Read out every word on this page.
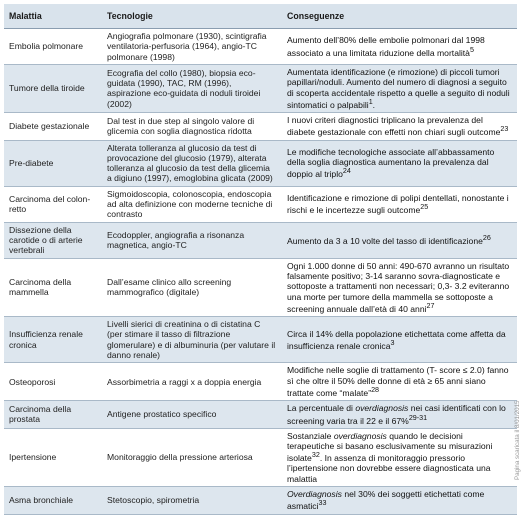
Malattia	Tecnologie	Conseguenze
Embolia polmonare	Angiografia polmonare (1930), scintigrafia ventilatoria-perfusoria (1964), angio-TC polmonare (1998)	Aumento dell’80% delle embolie polmonari dal 1998 associato a una limitata riduzione della mortalità$^5$
Tumore della tiroide	Ecografia del collo (1980), biopsia eco-guidata (1990), TAC, RM (1996), aspirazione eco-guidata di noduli tiroidei (2002)	Aumentata identificazione (e rimozione) di piccoli tumori papillari/noduli. Aumento del numero di diagnosi a seguito di scoperta accidentale rispetto a quelle a seguito di noduli sintomatici o palpabili$^1$.
Diabete gestazionale	Dal test in due step al singolo valore di glicemia con soglia diagnostica ridotta	I nuovi criteri diagnostici triplicano la prevalenza del diabete gestazionale con effetti non chiari sugli outcome$^{23}$
Pre-diabete	Alterata tolleranza al glucosio da test di provocazione del glucosio (1979), alterata tolleranza al glucosio da test della glicemia a digiuno (1997), emoglobina glicata (2009)	Le modifiche tecnologiche associate all’abbassamento della soglia diagnostica aumentano la prevalenza dal doppio al triplo$^{24}$
Carcinoma del colon-retto	Sigmoidoscopia, colonoscopia, endoscopia ad alta definizione con moderne tecniche di contrasto	Identificazione e rimozione di polipi dentellati, nonostante i rischi e le incertezze sugli outcome$^{25}$
Dissezione della carotide o di arterie vertebrali	Ecodoppler, angiografia a risonanza magnetica, angio-TC	Aumento da 3 a 10 volte del tasso di identificazione$^{26}$
Carcinoma della mammella	Dall’esame clinico allo screening mammografico (digitale)	Ogni 1.000 donne di 50 anni: 490-670 avranno un risultato falsamente positivo; 3-14 saranno sovra-diagnosticate e sottoposte a trattamenti non necessari; 0,3- 3.2 eviteranno una morte per tumore della mammella se sottoposte a screening annuale dall’età di 40 anni$^{27}$
Insufficienza renale cronica	Livelli sierici di creatinina o di cistatina C (per stimare il tasso di filtrazione glomerulare) e di albuminuria (per valutare il danno renale)	Circa il 14% della popolazione etichettata come affetta da insufficienza renale cronica$^3$
Osteoporosi	Assorbimetria a raggi x a doppia energia	Modifiche nelle soglie di trattamento (T- score ≤ 2.0) fanno sì che oltre il 50% delle donne di età ≥ 65 anni siano trattate come “malate”$^{28}$
Carcinoma della prostata	Antigene prostatico specifico	La percentuale di overdiagnosis nei casi identificati con lo screening varia tra il 22 e il 67%$^{29-31}$
Ipertensione	Monitoraggio della pressione arteriosa	Sostanziale overdiagnosis quando le decisioni terapeutiche si basano esclusivamente su misurazioni isolate$^{32}$. In assenza di monitoraggio pressorio l’ipertensione non dovrebbe essere diagnosticata una malattia
Asma bronchiale	Stetoscopio, spirometria	Overdiagnosis nel 30% dei soggetti etichettati come asmatici$^{33}$
Pagina scaricata il 8/01/2015
